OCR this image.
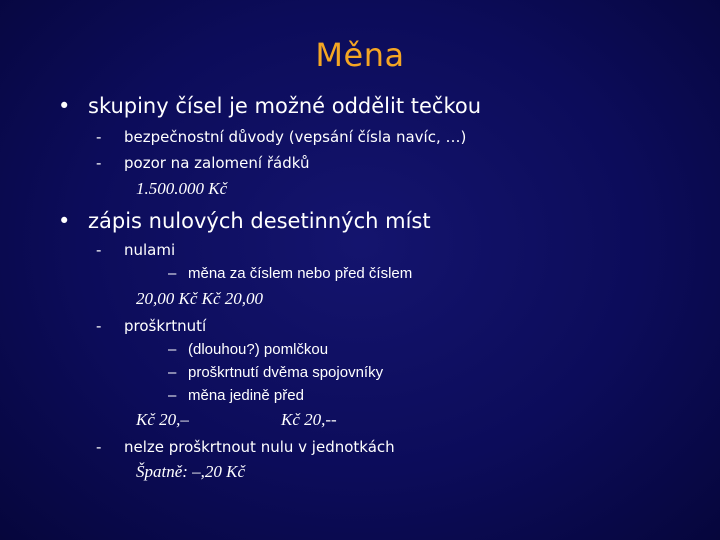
Měna
• skupiny čísel je možné oddělit tečkou
- bezpečnostní důvody (vepsání čísla navíc, …)
- pozor na zalomení řádků
1.500.000 Kč
• zápis nulových desetinných míst
- nulami
– měna za číslem nebo před číslem
20,00 Kč Kč 20,00
- proškrtnutí
– (dlouhou?) pomlčkou
– proškrtnutí dvěma spojovníky
– měna jedině před
Kč 20,–	Kč 20,--
- nelze proškrtnout nulu v jednotkách
Špatně: –,20 Kč
